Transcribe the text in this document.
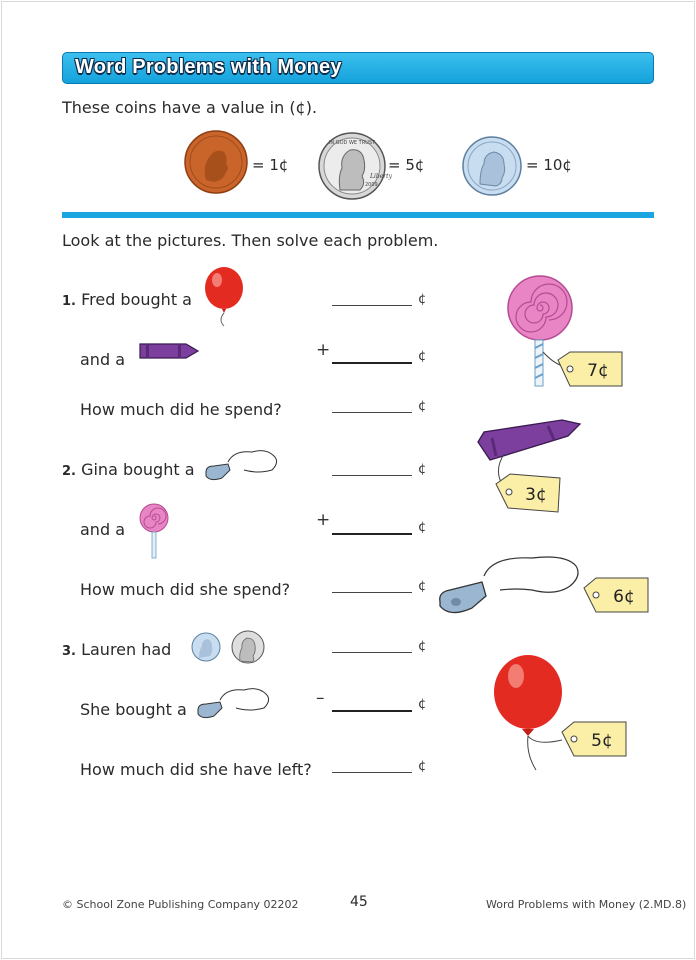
Word Problems with Money
These coins have a value in (¢).
= 1¢
IN GOD WE TRUST
Liberty
2009
= 5¢	= 10¢
Look at the pictures. Then solve each problem.
1. Fred bought a
and a
How much did he spend?
¢
+	¢
¢
2. Gina bought a
and a
How much did she spend?
¢
+	¢
¢
3. Lauren had
She bought a
How much did she have left?
¢
–	¢
¢
7¢
3¢
6¢
5¢
© School Zone Publishing Company 02202	45	Word Problems with Money (2.MD.8)
